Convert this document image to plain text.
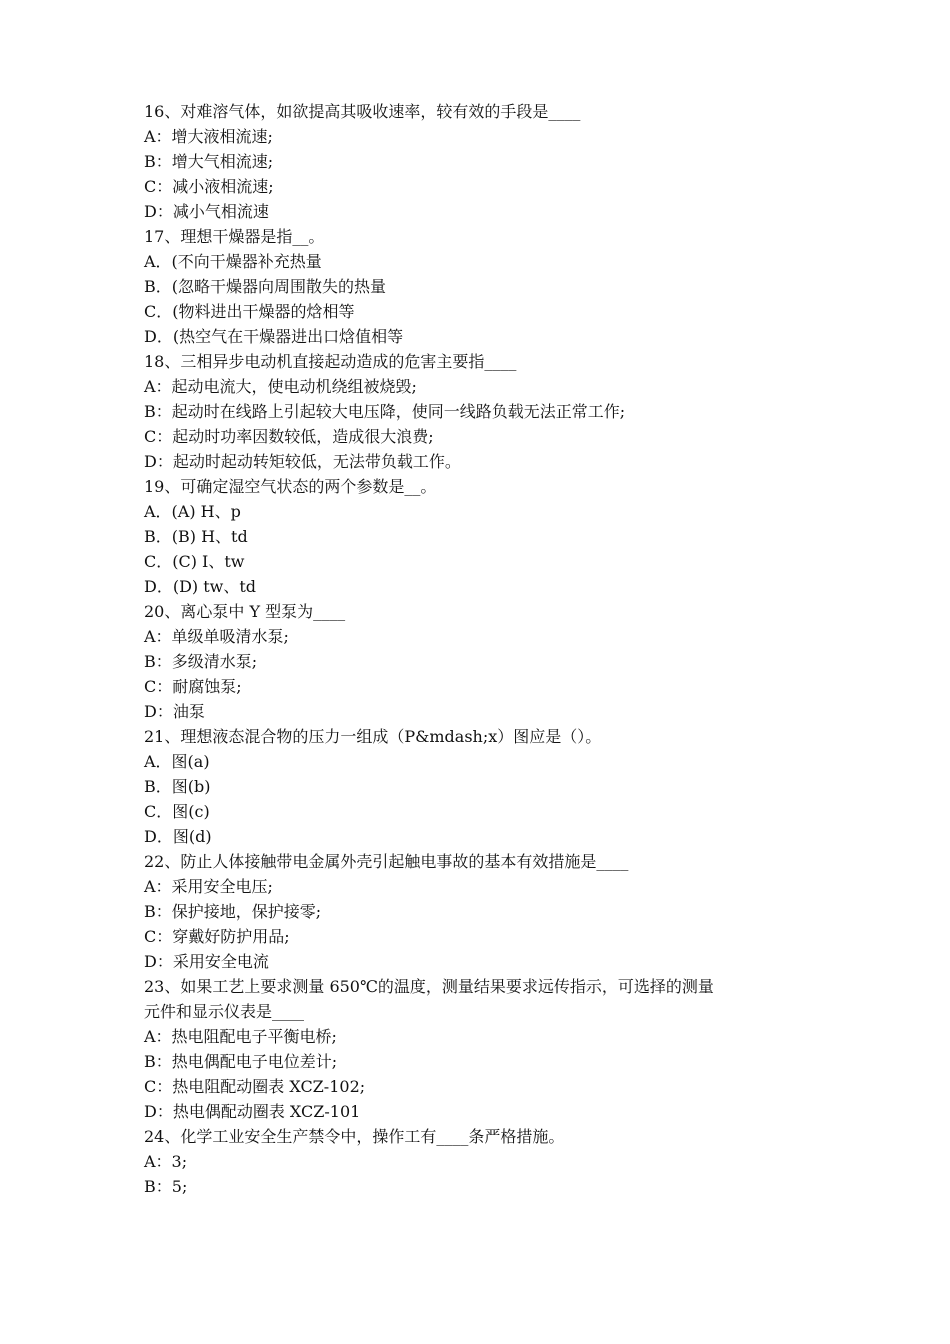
16、对难溶气体，如欲提高其吸收速率，较有效的手段是____

A：增大液相流速;

B：增大气相流速;

C：减小液相流速;

D：减小气相流速

17、理想干燥器是指__。

A．(不向干燥器补充热量

B．(忽略干燥器向周围散失的热量

C．(物料进出干燥器的焓相等

D．(热空气在干燥器进出口焓值相等

18、三相异步电动机直接起动造成的危害主要指____

A：起动电流大，使电动机绕组被烧毁;

B：起动时在线路上引起较大电压降，使同一线路负载无法正常工作;

C：起动时功率因数较低，造成很大浪费;

D：起动时起动转矩较低，无法带负载工作。

19、可确定湿空气状态的两个参数是__。

A．(A) H、p

B．(B) H、td

C．(C) I、tw

D．(D) tw、td

20、离心泵中 Y 型泵为____

A：单级单吸清水泵;

B：多级清水泵;

C：耐腐蚀泵;

D：油泵

21、理想液态混合物的压力一组成（P&mdash;x）图应是（）。

A．图(a)

B．图(b)

C．图(c)

D．图(d)

22、防止人体接触带电金属外壳引起触电事故的基本有效措施是____

A：采用安全电压;

B：保护接地，保护接零;

C：穿戴好防护用品;

D：采用安全电流

23、如果工艺上要求测量 650℃的温度，测量结果要求远传指示，可选择的测量

元件和显示仪表是____

A：热电阻配电子平衡电桥;

B：热电偶配电子电位差计;

C：热电阻配动圈表 XCZ-102;

D：热电偶配动圈表 XCZ-101

24、化学工业安全生产禁令中，操作工有____条严格措施。

A：3;

B：5;
